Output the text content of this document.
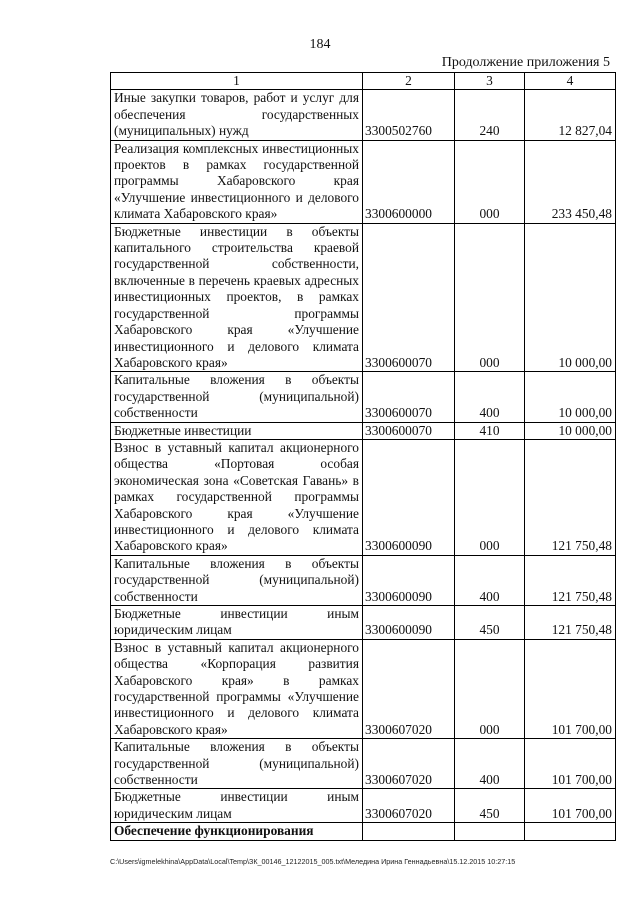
184
Продолжение приложения 5
1	2	3	4
Иные закупки товаров, работ и услуг для обеспечения государственных (муниципальных) нужд	3300502760	240	12 827,04
Реализация комплексных инвестиционных проектов в рамках государственной программы Хабаровского края «Улучшение инвестиционного и делового климата Хабаровского края»	3300600000	000	233 450,48
Бюджетные инвестиции в объекты капитального строительства краевой государственной собственности, включенные в перечень краевых адресных инвестиционных проектов, в рамках государственной программы Хабаровского края «Улучшение инвестиционного и делового климата Хабаровского края»	3300600070	000	10 000,00
Капитальные вложения в объекты государственной (муниципальной) собственности	3300600070	400	10 000,00
Бюджетные инвестиции	3300600070	410	10 000,00
Взнос в уставный капитал акционерного общества «Портовая особая экономическая зона «Советская Гавань» в рамках государственной программы Хабаровского края «Улучшение инвестиционного и делового климата Хабаровского края»	3300600090	000	121 750,48
Капитальные вложения в объекты государственной (муниципальной) собственности	3300600090	400	121 750,48
Бюджетные инвестиции иным юридическим лицам	3300600090	450	121 750,48
Взнос в уставный капитал акционерного общества «Корпорация развития Хабаровского края» в рамках государственной программы «Улучшение инвестиционного и делового климата Хабаровского края»	3300607020	000	101 700,00
Капитальные вложения в объекты государственной (муниципальной) собственности	3300607020	400	101 700,00
Бюджетные инвестиции иным юридическим лицам	3300607020	450	101 700,00
Обеспечение функционирования			
C:\Users\igmelekhina\AppData\Local\Temp\ЗК_00146_12122015_005.txt\Меледина Ирина Геннадьевна\15.12.2015 10:27:15
